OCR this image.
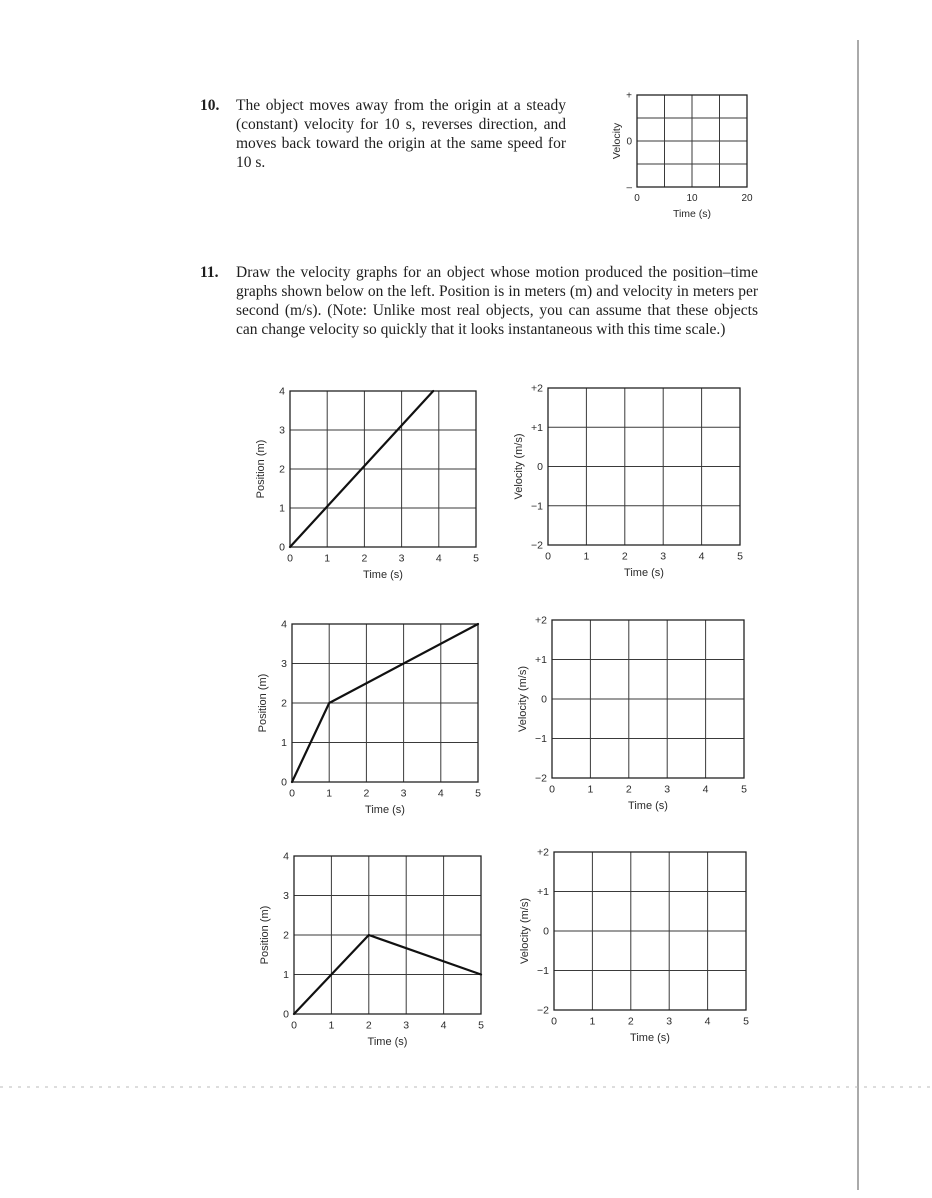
10. The object moves away from the origin at a steady (constant) velocity for 10 s, reverses direction, and moves back toward the origin at the same speed for 10 s.
11. Draw the velocity graphs for an object whose motion produced the position–time graphs shown below on the left. Position is in meters (m) and velocity in meters per second (m/s). (Note: Unlike most real objects, you can assume that these objects can change velocity so quickly that it looks instantaneous with this time scale.)
0	10	20
–
0
+
Time (s)
Velocity
0	1	2	3	4	5
0
1
2
3
4
Time (s)
Position (m)
0	1	2	3	4	5
−2
−1
0
+1
+2
Time (s)
Velocity (m/s)
0	1	2	3	4	5
0
1
2
3
4
Time (s)
Position (m)
0	1	2	3	4	5
−2
−1
0
+1
+2
Time (s)
Velocity (m/s)
0	1	2	3	4	5
0
1
2
3
4
Time (s)
Position (m)
0	1	2	3	4	5
−2
−1
0
+1
+2
Time (s)
Velocity (m/s)
